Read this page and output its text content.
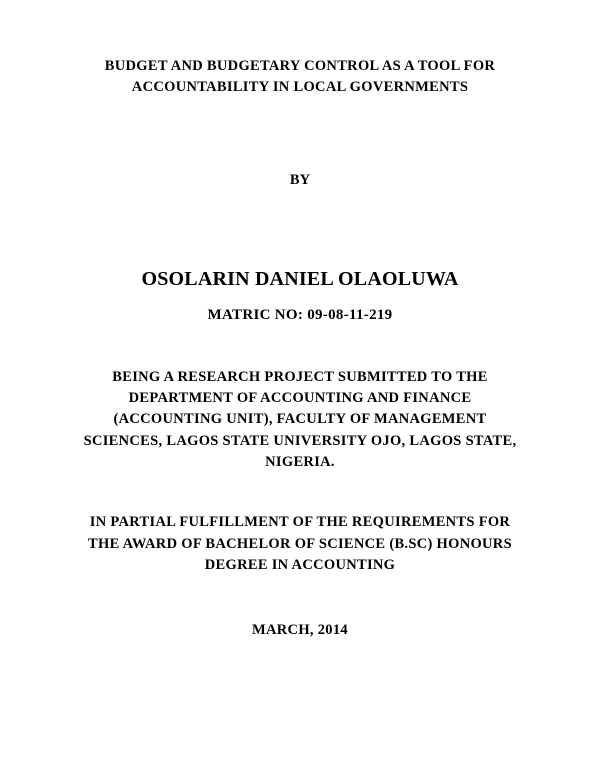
BUDGET AND BUDGETARY CONTROL AS A TOOL FOR
ACCOUNTABILITY IN LOCAL GOVERNMENTS
BY
OSOLARIN DANIEL OLAOLUWA
MATRIC NO: 09-08-11-219
BEING A RESEARCH PROJECT SUBMITTED TO THE
DEPARTMENT OF ACCOUNTING AND FINANCE
(ACCOUNTING UNIT), FACULTY OF MANAGEMENT
SCIENCES, LAGOS STATE UNIVERSITY OJO, LAGOS STATE,
NIGERIA.
IN PARTIAL FULFILLMENT OF THE REQUIREMENTS FOR
THE AWARD OF BACHELOR OF SCIENCE (B.SC) HONOURS
DEGREE IN ACCOUNTING
MARCH, 2014
